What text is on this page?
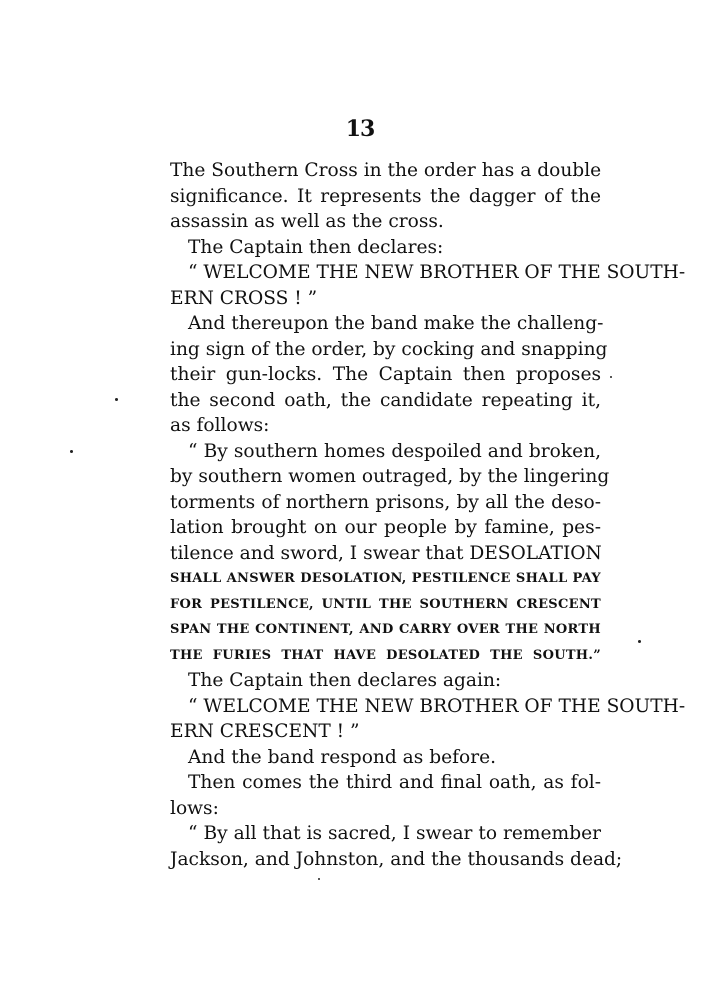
13
The Southern Cross in the order has a double
significance. It represents the dagger of the
assassin as well as the cross.
The Captain then declares:
“ WELCOME THE NEW BROTHER OF THE SOUTH-
ERN CROSS ! ”
And thereupon the band make the challeng-
ing sign of the order, by cocking and snapping
their gun-locks. The Captain then proposes
the second oath, the candidate repeating it,
as follows:
“ By southern homes despoiled and broken,
by southern women outraged, by the lingering
torments of northern prisons, by all the deso-
lation brought on our people by famine, pes-
tilence and sword, I swear that DESOLATION
SHALL ANSWER DESOLATION, PESTILENCE SHALL PAY
FOR PESTILENCE, UNTIL THE SOUTHERN CRESCENT
SPAN THE CONTINENT, AND CARRY OVER THE NORTH
THE FURIES THAT HAVE DESOLATED THE SOUTH.”
The Captain then declares again:
“ WELCOME THE NEW BROTHER OF THE SOUTH-
ERN CRESCENT ! ”
And the band respond as before.
Then comes the third and final oath, as fol-
lows:
“ By all that is sacred, I swear to remember
Jackson, and Johnston, and the thousands dead;
